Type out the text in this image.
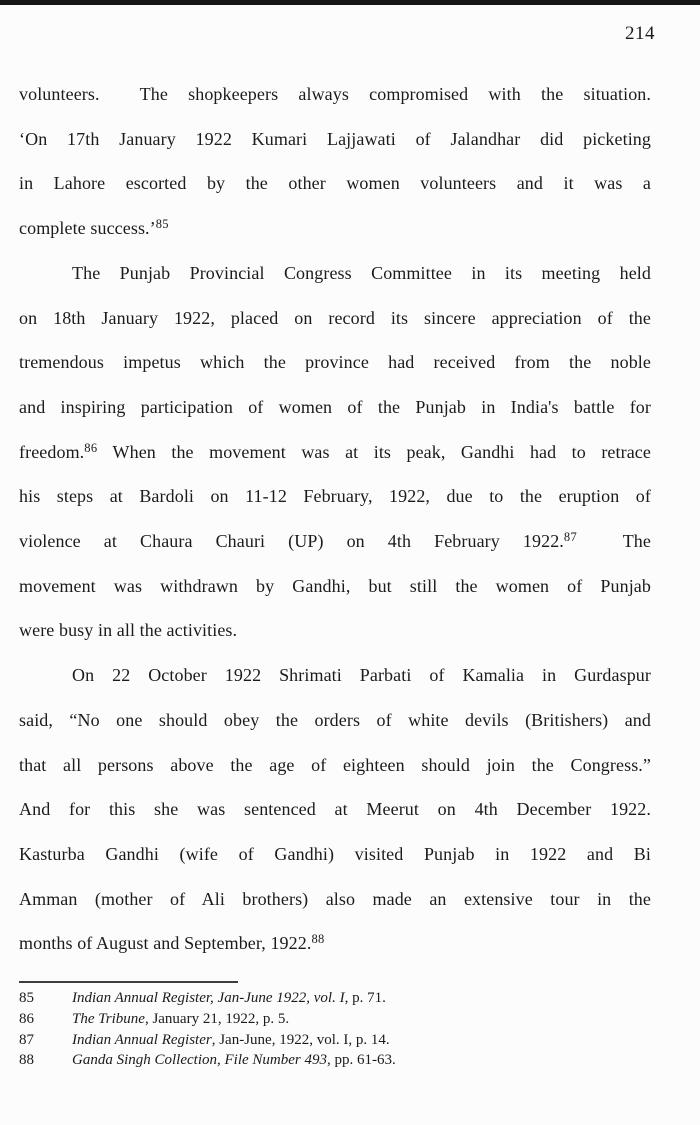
214
volunteers.  The shopkeepers always compromised with the situation.
‘On 17th January 1922 Kumari Lajjawati of Jalandhar did picketing
in Lahore escorted by the other women volunteers and it was a
complete success.’$^{85}$
The Punjab Provincial Congress Committee in its meeting held
on 18th January 1922, placed on record its sincere appreciation of the
tremendous impetus which the province had received from the noble
and inspiring participation of women of the Punjab in India's battle for
freedom.$^{86}$ When the movement was at its peak, Gandhi had to retrace
his steps at Bardoli on 11-12 February, 1922, due to the eruption of
violence at Chaura Chauri (UP) on 4th February 1922.87  The
movement was withdrawn by Gandhi, but still the women of Punjab
were busy in all the activities.
On 22 October 1922 Shrimati Parbati of Kamalia in Gurdaspur
said, “No one should obey the orders of white devils (Britishers) and
that all persons above the age of eighteen should join the Congress.”
And for this she was sentenced at Meerut on 4th December 1922.
Kasturba Gandhi (wife of Gandhi) visited Punjab in 1922 and Bi
Amman (mother of Ali brothers) also made an extensive tour in the
months of August and September, 1922.88
85	Indian Annual Register, Jan-June 1922, vol. I, p. 71.
86	The Tribune, January 21, 1922, p. 5.
87	Indian Annual Register, Jan-June, 1922, vol. I, p. 14.
88	Ganda Singh Collection, File Number 493, pp. 61-63.
